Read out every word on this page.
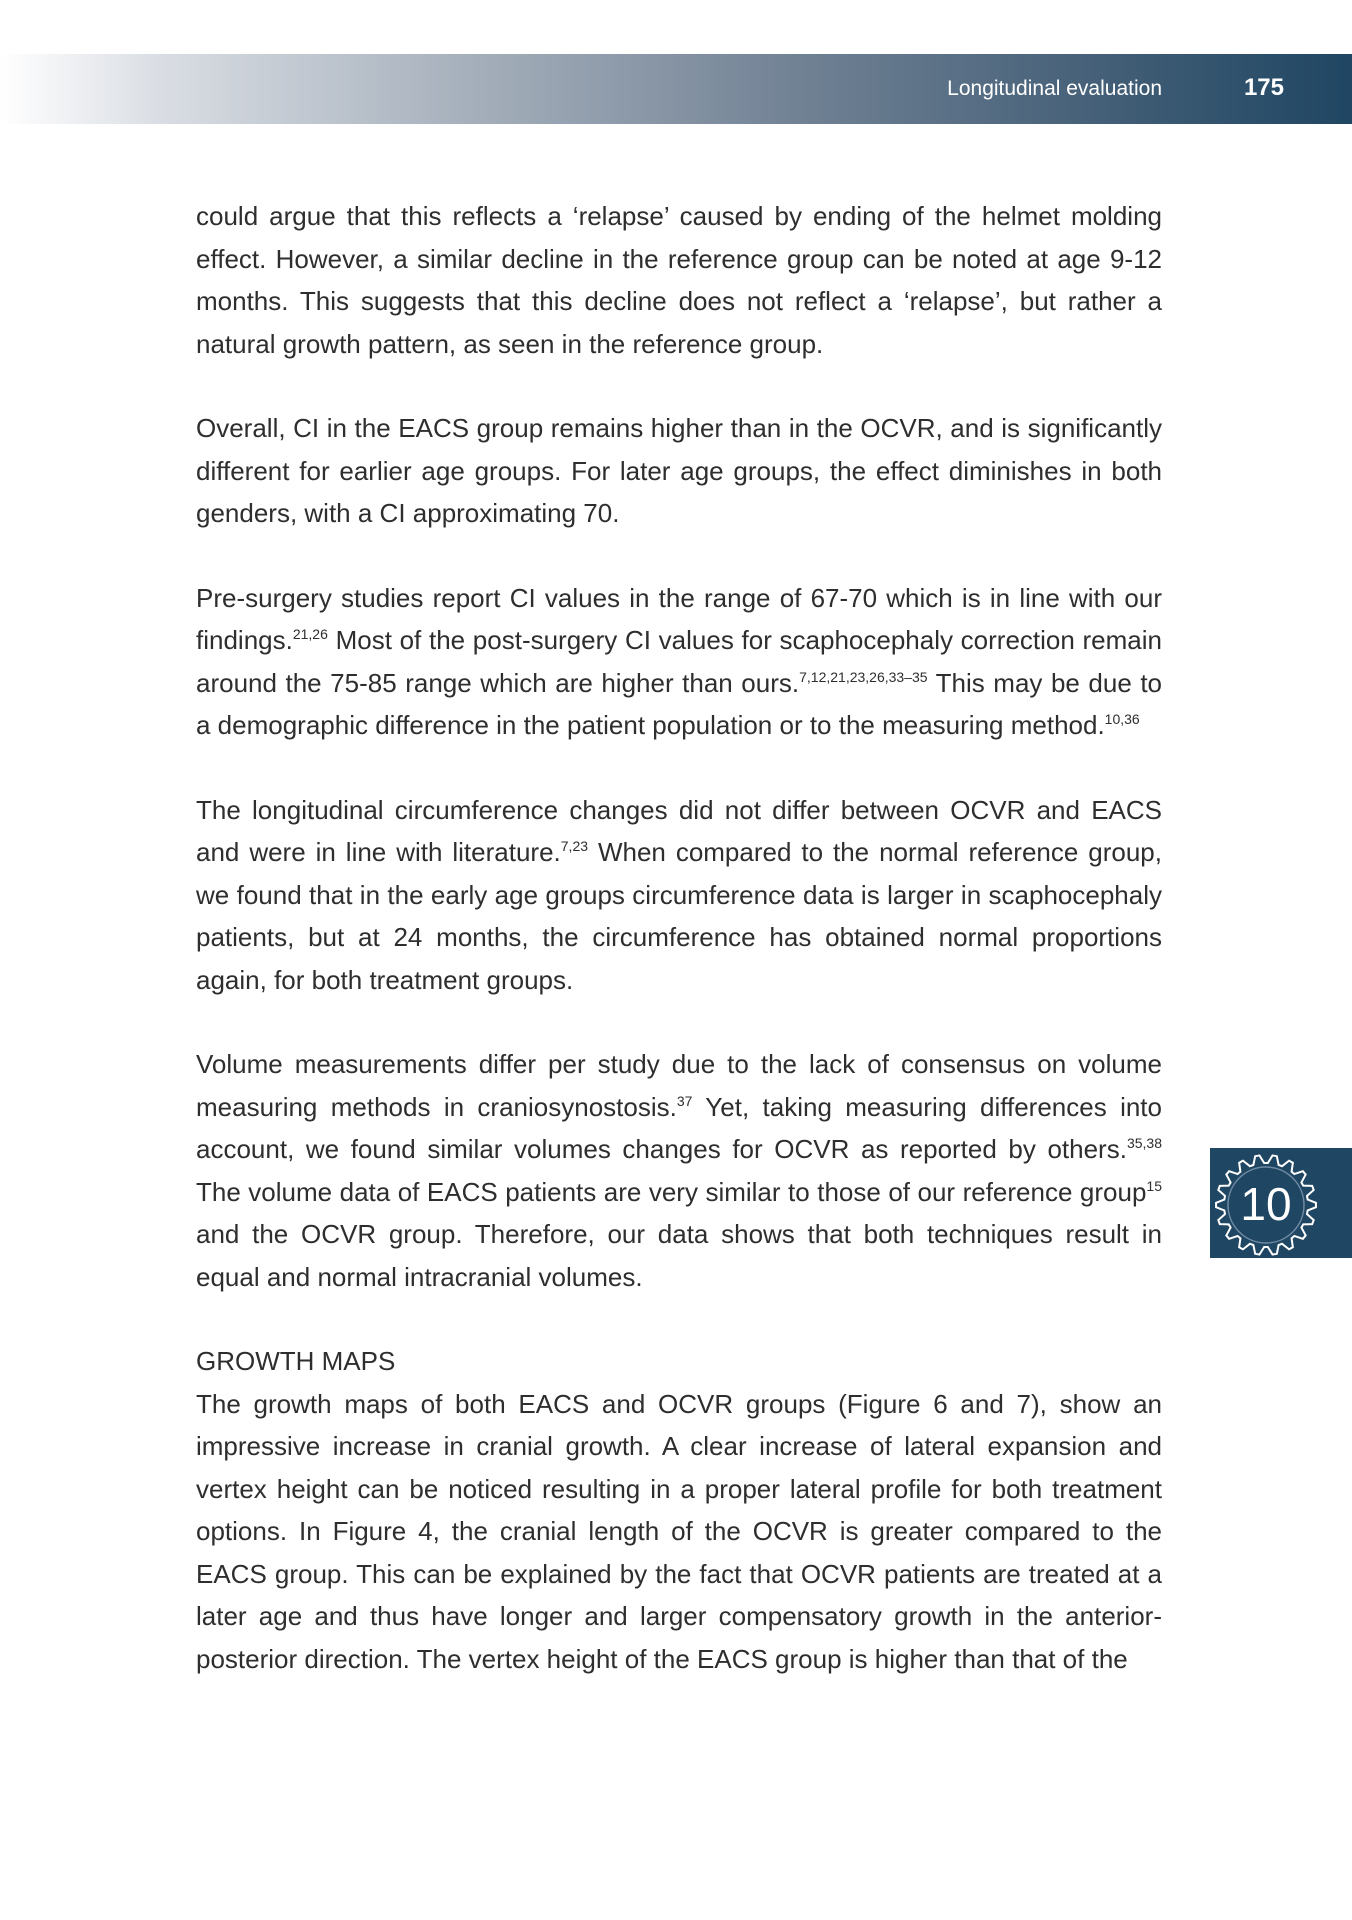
Longitudinal evaluation	175

could argue that this reflects a ‘relapse’ caused by ending of the helmet molding effect. However, a similar decline in the reference group can be noted at age 9-12 months. This suggests that this decline does not reflect a ‘relapse’, but rather a natural growth pattern, as seen in the reference group.

Overall, CI in the EACS group remains higher than in the OCVR, and is significantly different for earlier age groups. For later age groups, the effect diminishes in both genders, with a CI approximating 70.

Pre-surgery studies report CI values in the range of 67-70 which is in line with our findings.$^{21,26}$ Most of the post-surgery CI values for scaphocephaly correction remain around the 75-85 range which are higher than ours.$^{7,12,21,23,26,33-35}$ This may be due to a demographic difference in the patient population or to the measuring method.$^{10,36}$

The longitudinal circumference changes did not differ between OCVR and EACS and were in line with literature.$^{7,23}$ When compared to the normal reference group, we found that in the early age groups circumference data is larger in scaphocephaly patients, but at 24 months, the circumference has obtained normal proportions again, for both treatment groups.

Volume measurements differ per study due to the lack of consensus on volume measuring methods in craniosynostosis.$^{37}$ Yet, taking measuring differences into account, we found similar volumes changes for OCVR as reported by others.$^{35,38}$ The volume data of EACS patients are very similar to those of our reference group$^{15}$ and the OCVR group. Therefore, our data shows that both techniques result in equal and normal intracranial volumes.

GROWTH MAPS

The growth maps of both EACS and OCVR groups (Figure 6 and 7), show an impressive increase in cranial growth. A clear increase of lateral expansion and vertex height can be noticed resulting in a proper lateral profile for both treatment options. In Figure 4, the cranial length of the OCVR is greater compared to the EACS group. This can be explained by the fact that OCVR patients are treated at a later age and thus have longer and larger compensatory growth in the anterior-posterior direction. The vertex height of the EACS group is higher than that of the

10
